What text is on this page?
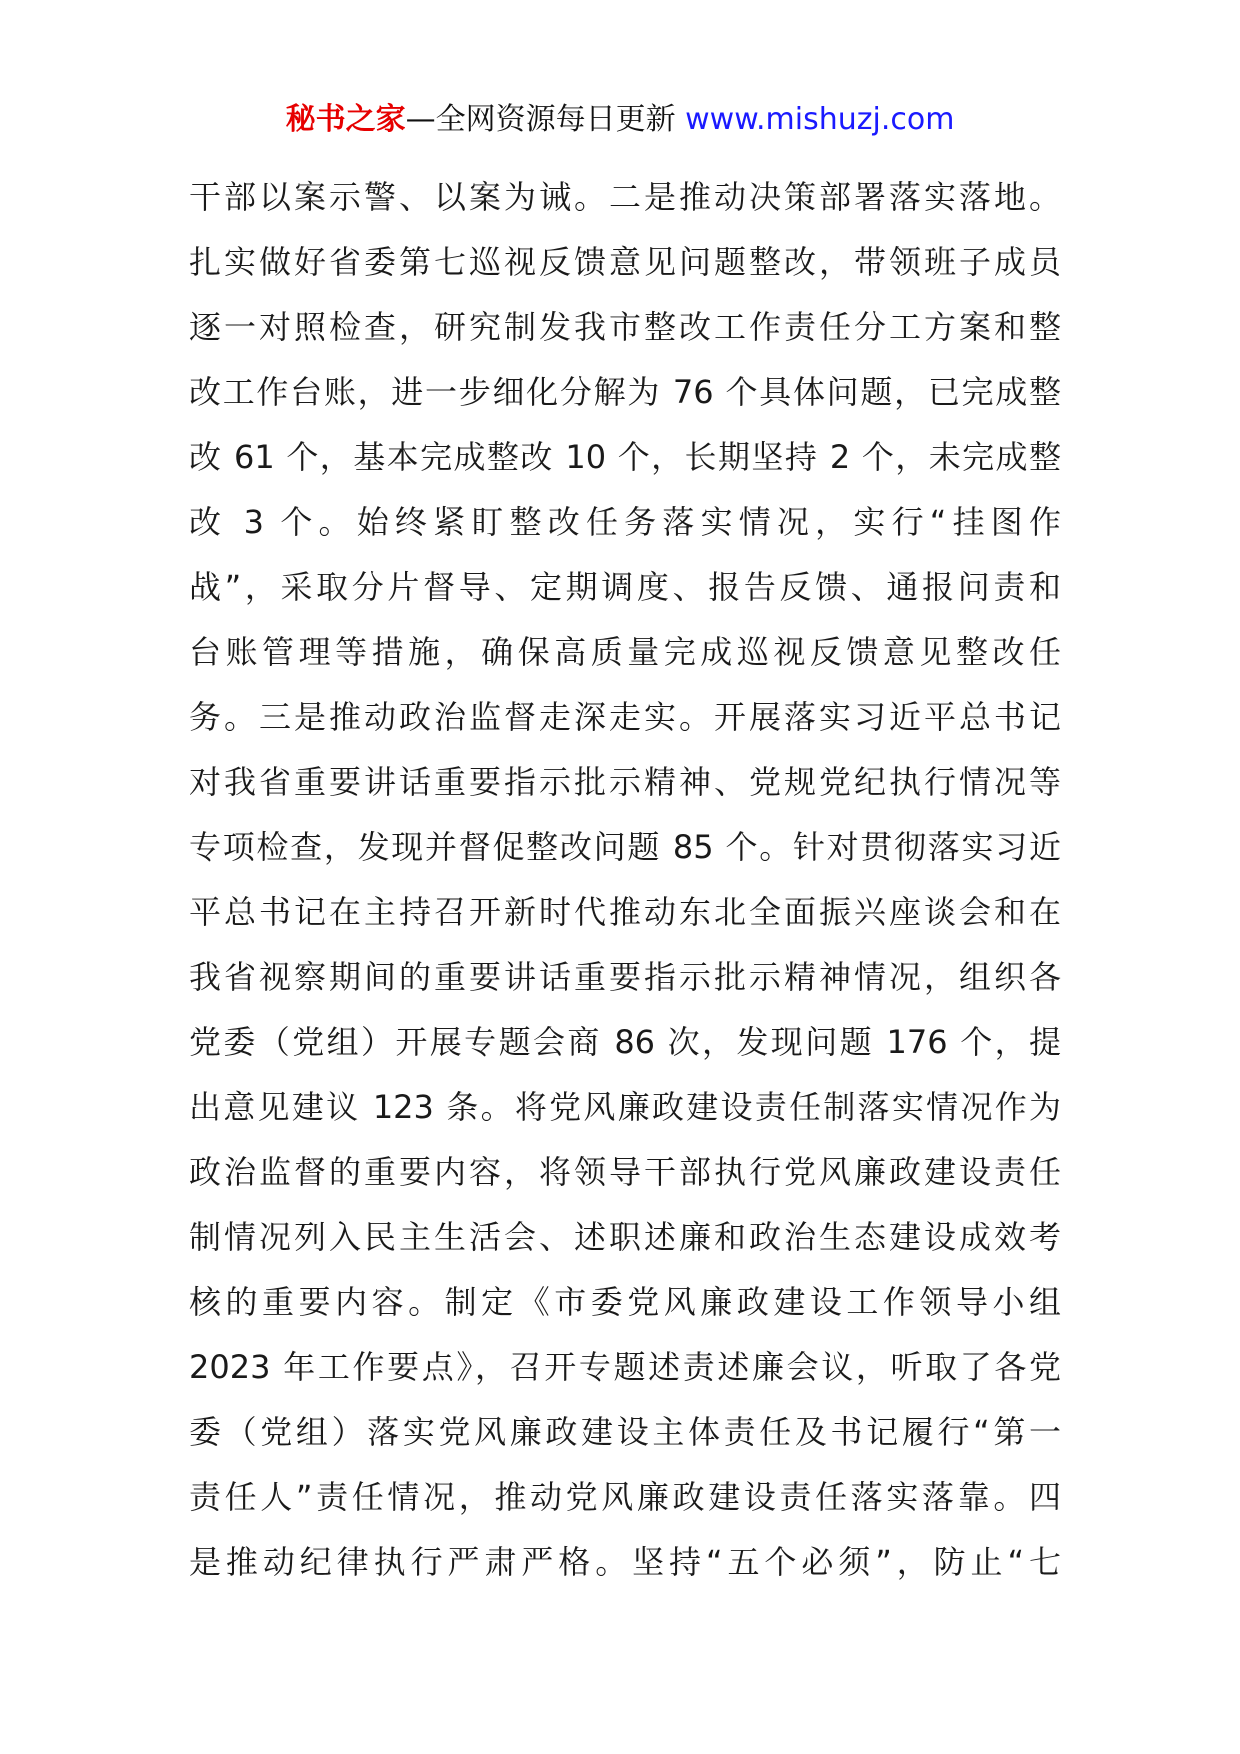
秘书之家—全网资源每日更新 www.mishuzj.com
干部以案示警、以案为诫。二是推动决策部署落实落地。
扎实做好省委第七巡视反馈意见问题整改，带领班子成员
逐一对照检查，研究制发我市整改工作责任分工方案和整
改工作台账，进一步细化分解为 76 个具体问题，已完成整
改 61 个，基本完成整改 10 个，长期坚持 2 个，未完成整
改 3 个。始终紧盯整改任务落实情况，实行“挂图作
战”，采取分片督导、定期调度、报告反馈、通报问责和
台账管理等措施，确保高质量完成巡视反馈意见整改任
务。三是推动政治监督走深走实。开展落实习近平总书记
对我省重要讲话重要指示批示精神、党规党纪执行情况等
专项检查，发现并督促整改问题 85 个。针对贯彻落实习近
平总书记在主持召开新时代推动东北全面振兴座谈会和在
我省视察期间的重要讲话重要指示批示精神情况，组织各
党委（党组）开展专题会商 86 次，发现问题 176 个，提
出意见建议 123 条。将党风廉政建设责任制落实情况作为
政治监督的重要内容，将领导干部执行党风廉政建设责任
制情况列入民主生活会、述职述廉和政治生态建设成效考
核的重要内容。制定《市委党风廉政建设工作领导小组
2023 年工作要点》，召开专题述责述廉会议，听取了各党
委（党组）落实党风廉政建设主体责任及书记履行“第一
责任人”责任情况，推动党风廉政建设责任落实落靠。四
是推动纪律执行严肃严格。坚持“五个必须”，防止“七
